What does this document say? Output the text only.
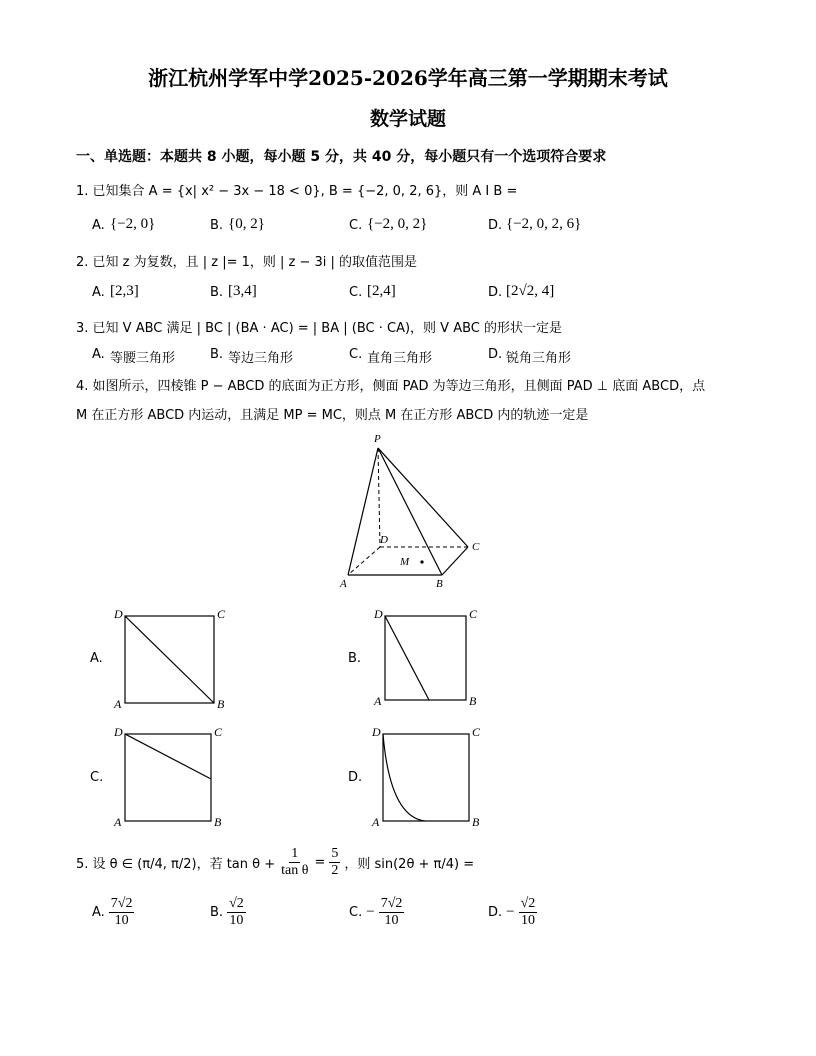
浙江杭州学军中学2025-2026学年高三第一学期期末考试
数学试题
一、单选题：本题共 8 小题，每小题 5 分，共 40 分，每小题只有一个选项符合要求
1. 已知集合 A = {x| x² − 3x − 18 < 0}, B = {−2, 0, 2, 6}，则 A I B =
A. {−2, 0}	B. {0, 2}	C. {−2, 0, 2}	D. {−2, 0, 2, 6}
2. 已知 z 为复数，且 | z |= 1，则 | z − 3i | 的取值范围是
A. [2,3]	B. [3,4]	C. [2,4]	D. [2√2, 4]
3. 已知 V ABC 满足 | BC | (BA · AC) = | BA | (BC · CA)，则 V ABC 的形状一定是
A. 等腰三角形	B. 等边三角形	C. 直角三角形	D. 锐角三角形
4. 如图所示，四棱锥 P − ABCD 的底面为正方形，侧面 PAD 为等边三角形，且侧面 PAD ⊥ 底面 ABCD，点
M 在正方形 ABCD 内运动，且满足 MP = MC，则点 M 在正方形 ABCD 内的轨迹一定是
P
D
C
A	B
M
A.
D	C
A	B
B.
D	C
A	B
C.
D	C
A	B
D.
D	C
A	B
5. 设 θ ∈ (π/4, π/2)，若 $\tan \theta + \frac{1}{\text{tan θ}} = \frac{5}{2}$ ，则 sin(2θ + π/4) =
A. $\frac{7√2}{10}$	B. $\frac{√2}{10}$	C. − $\frac{7√2}{10}$	D. − $\frac{√2}{10}$
